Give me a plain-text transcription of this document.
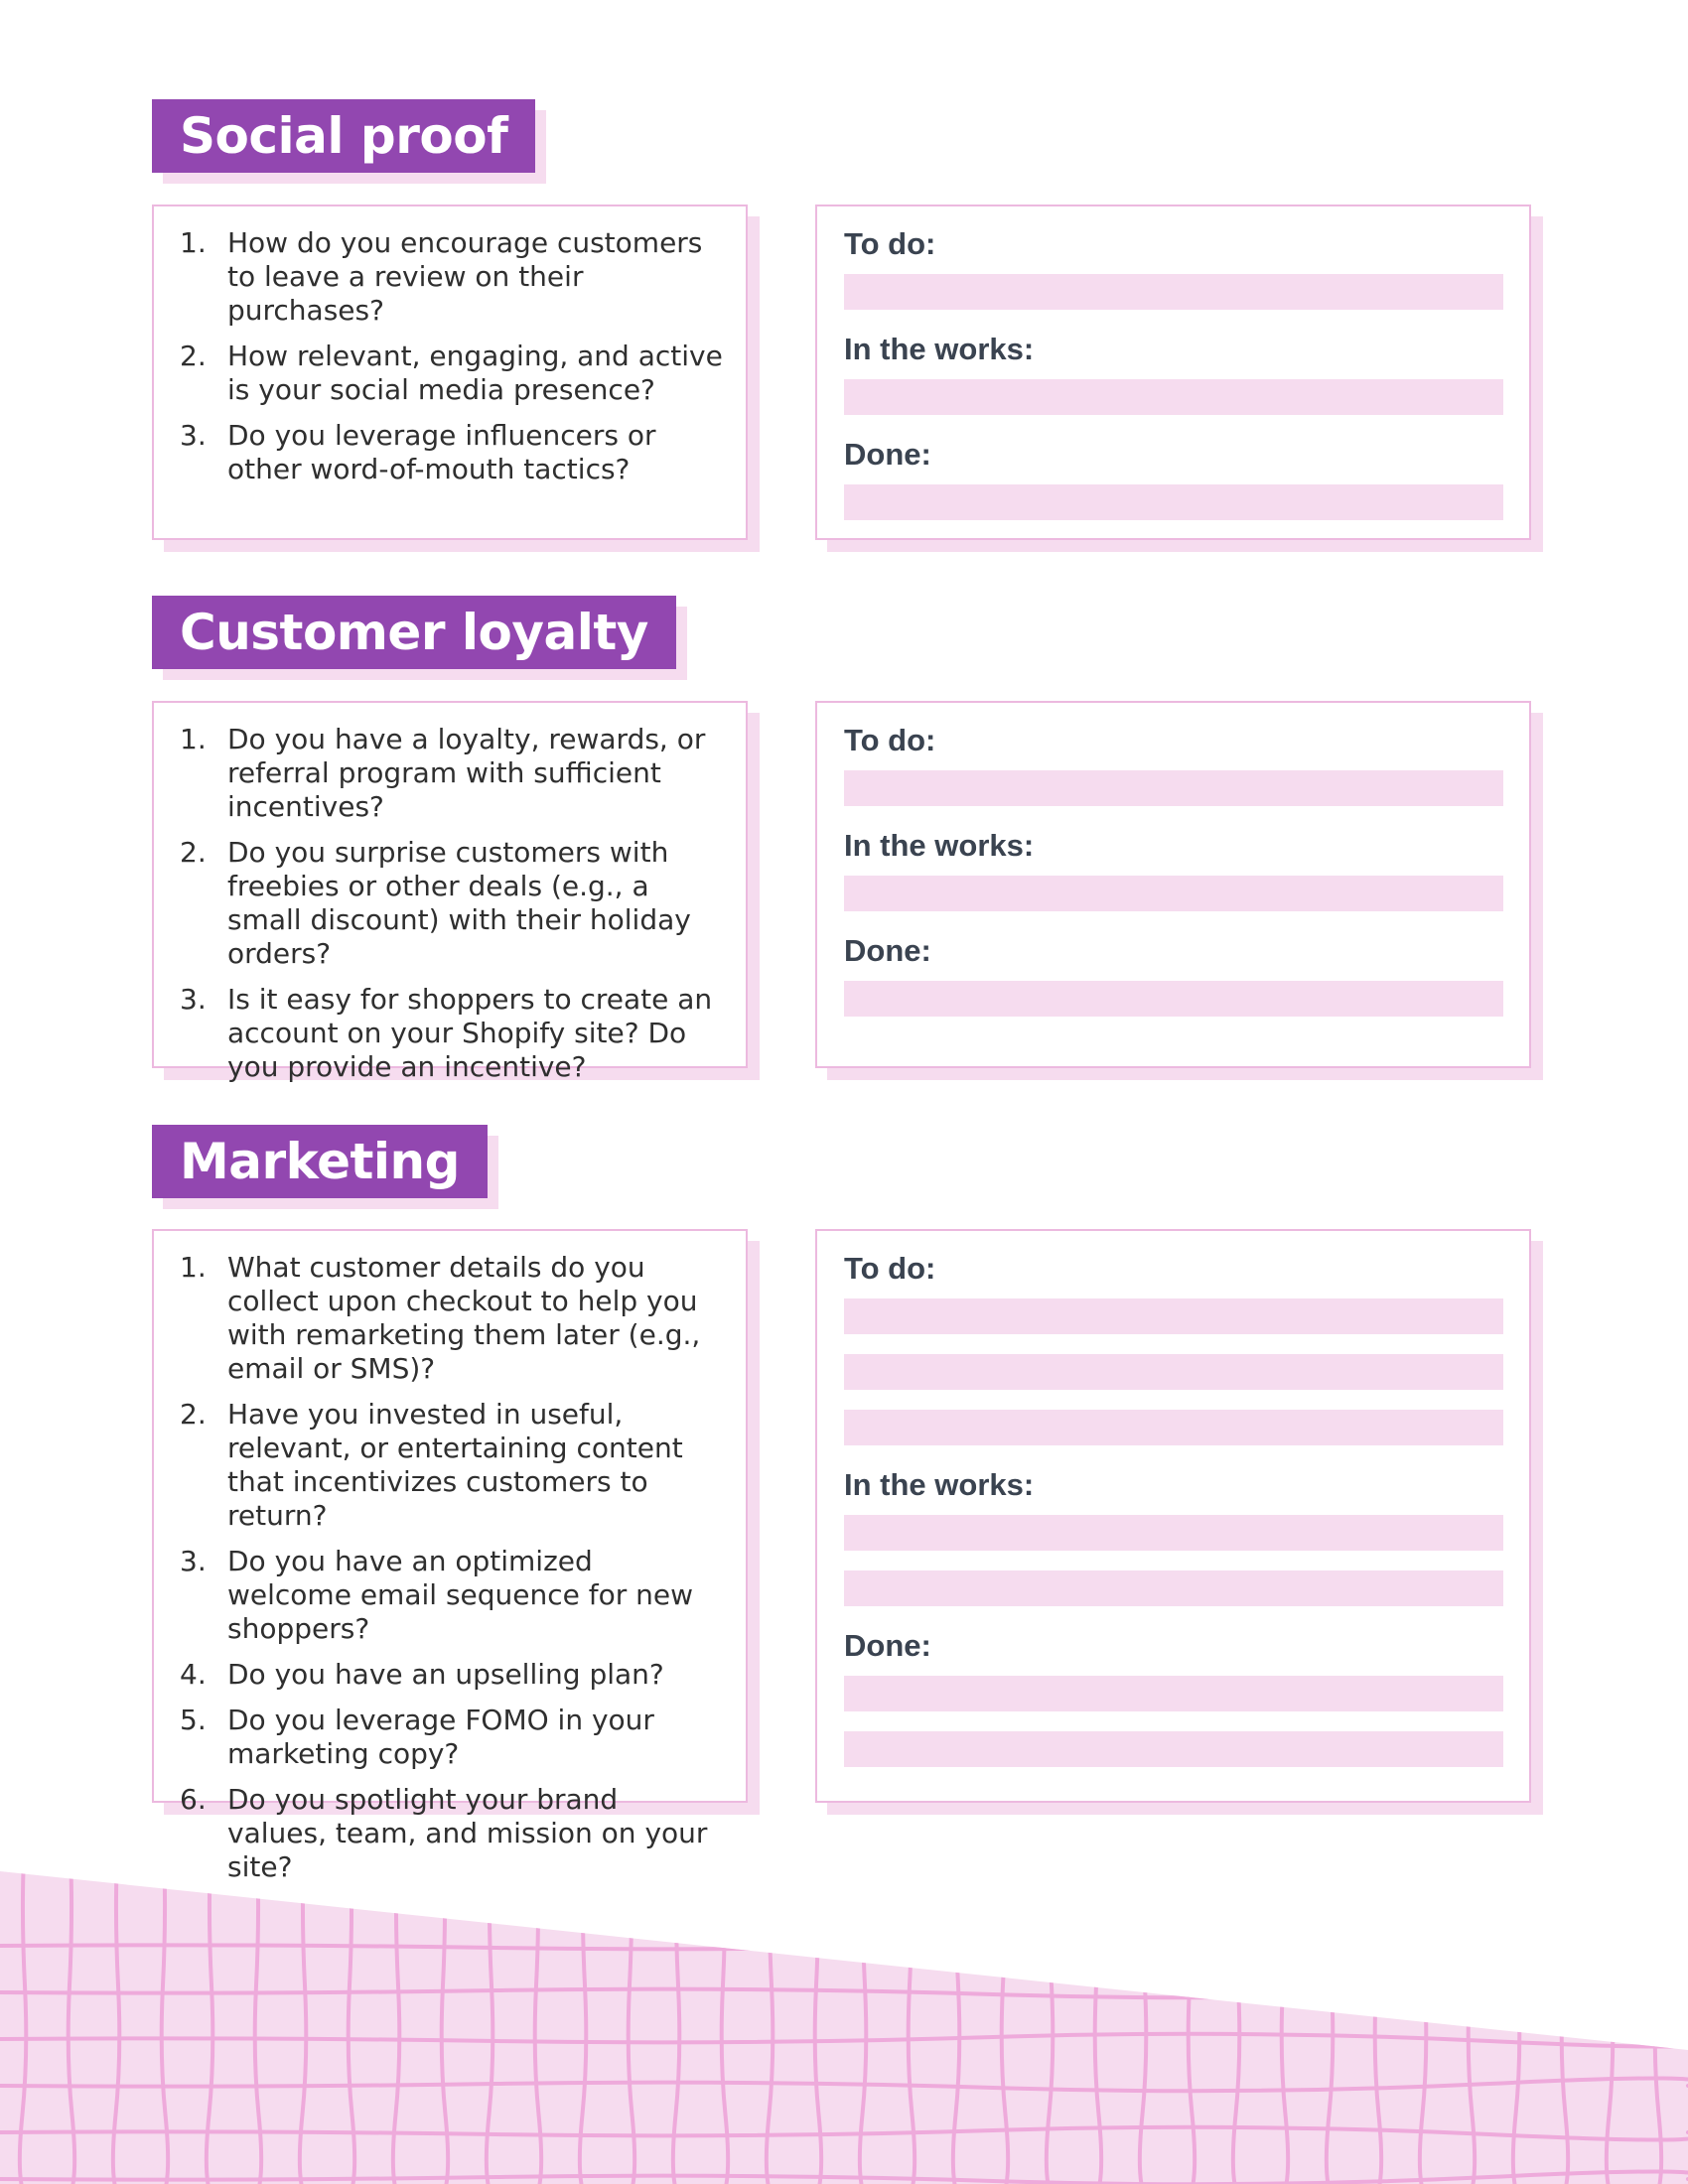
Social proof
1. How do you encourage customers to leave a review on their purchases?
2. How relevant, engaging, and active is your social media presence?
3. Do you leverage influencers or other word-of-mouth tactics?
To do:
In the works:
Done:
Customer loyalty
1. Do you have a loyalty, rewards, or referral program with sufficient incentives?
2. Do you surprise customers with freebies or other deals (e.g., a small discount) with their holiday orders?
3. Is it easy for shoppers to create an account on your Shopify site? Do you provide an incentive?
To do:
In the works:
Done:
Marketing
1. What customer details do you collect upon checkout to help you with remarketing them later (e.g., email or SMS)?
2. Have you invested in useful, relevant, or entertaining content that incentivizes customers to return?
3. Do you have an optimized welcome email sequence for new shoppers?
4. Do you have an upselling plan?
5. Do you leverage FOMO in your marketing copy?
6. Do you spotlight your brand values, team, and mission on your site?
To do:
In the works:
Done:
